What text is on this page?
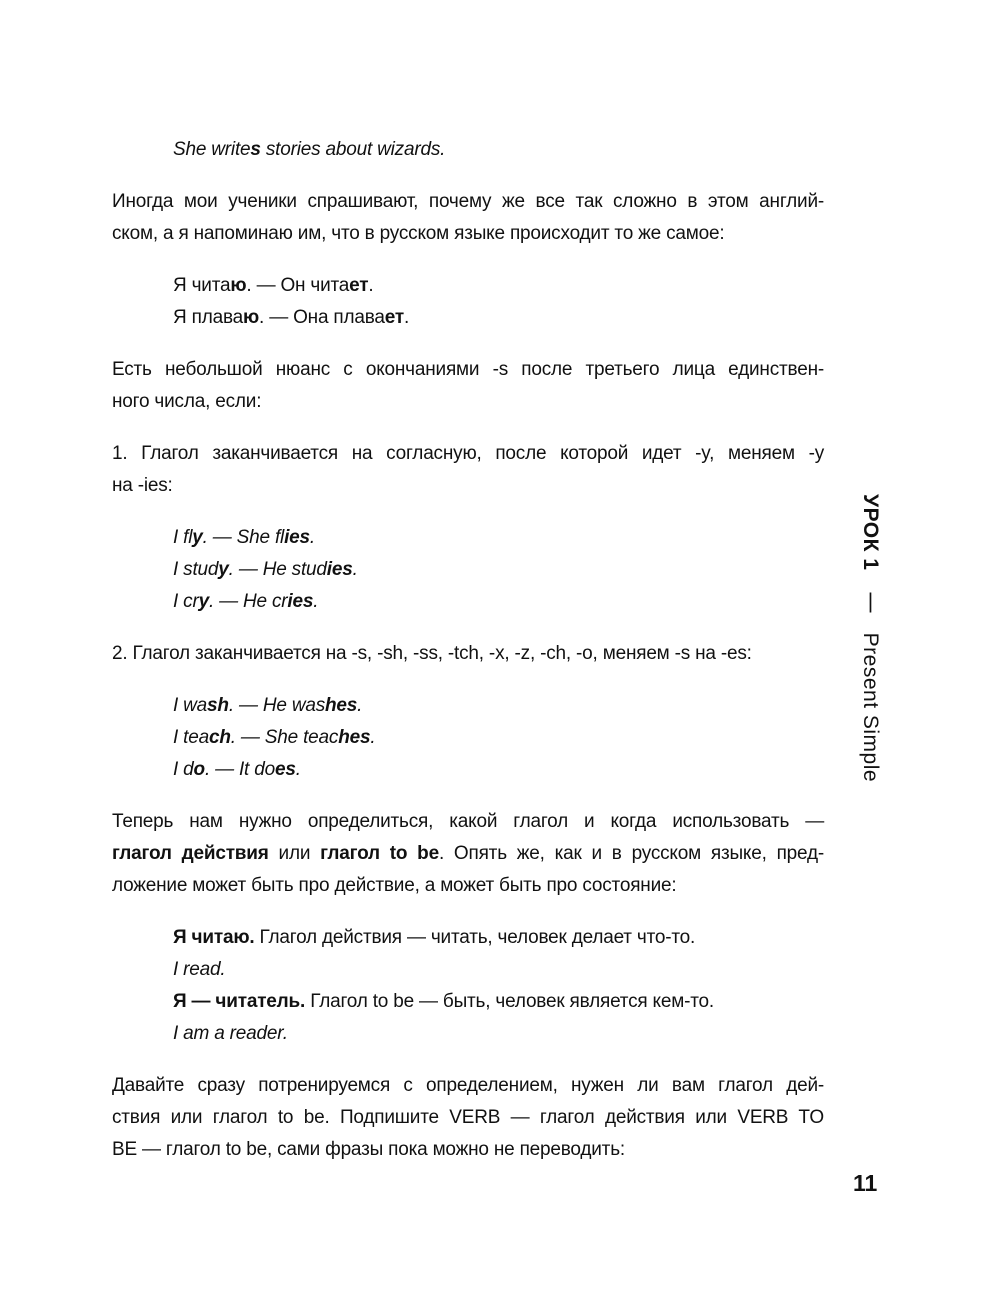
She writes stories about wizards.
Иногда мои ученики спрашивают, почему же все так сложно в этом англий-
ском, а я напоминаю им, что в русском языке происходит то же самое:
Я читаю. — Он читает.
Я плаваю. — Она плавает.
Есть небольшой нюанс с окончаниями -s после третьего лица единствен-
ного числа, если:
1. Глагол заканчивается на согласную, после которой идет -y, меняем -y
на -ies:
I fly. — She flies.
I study. — He studies.
I cry. — He cries.
2. Глагол заканчивается на -s, -sh, -ss, -tch, -x, -z, -ch, -o, меняем -s на -es:
I wash. — He washes.
I teach. — She teaches.
I do. — It does.
Теперь нам нужно определиться, какой глагол и когда использовать —
глагол действия или глагол to be. Опять же, как и в русском языке, пред-
ложение может быть про действие, а может быть про состояние:
Я читаю. Глагол действия — читать, человек делает что-то.
I read.
Я — читатель. Глагол to be — быть, человек является кем-то.
I am a reader.
Давайте сразу потренируемся с определением, нужен ли вам глагол дей-
ствия или глагол to be. Подпишите VERB — глагол действия или VERB TO
BE — глагол to be, сами фразы пока можно не переводить:
УРОК 1 | Present Simple
11
